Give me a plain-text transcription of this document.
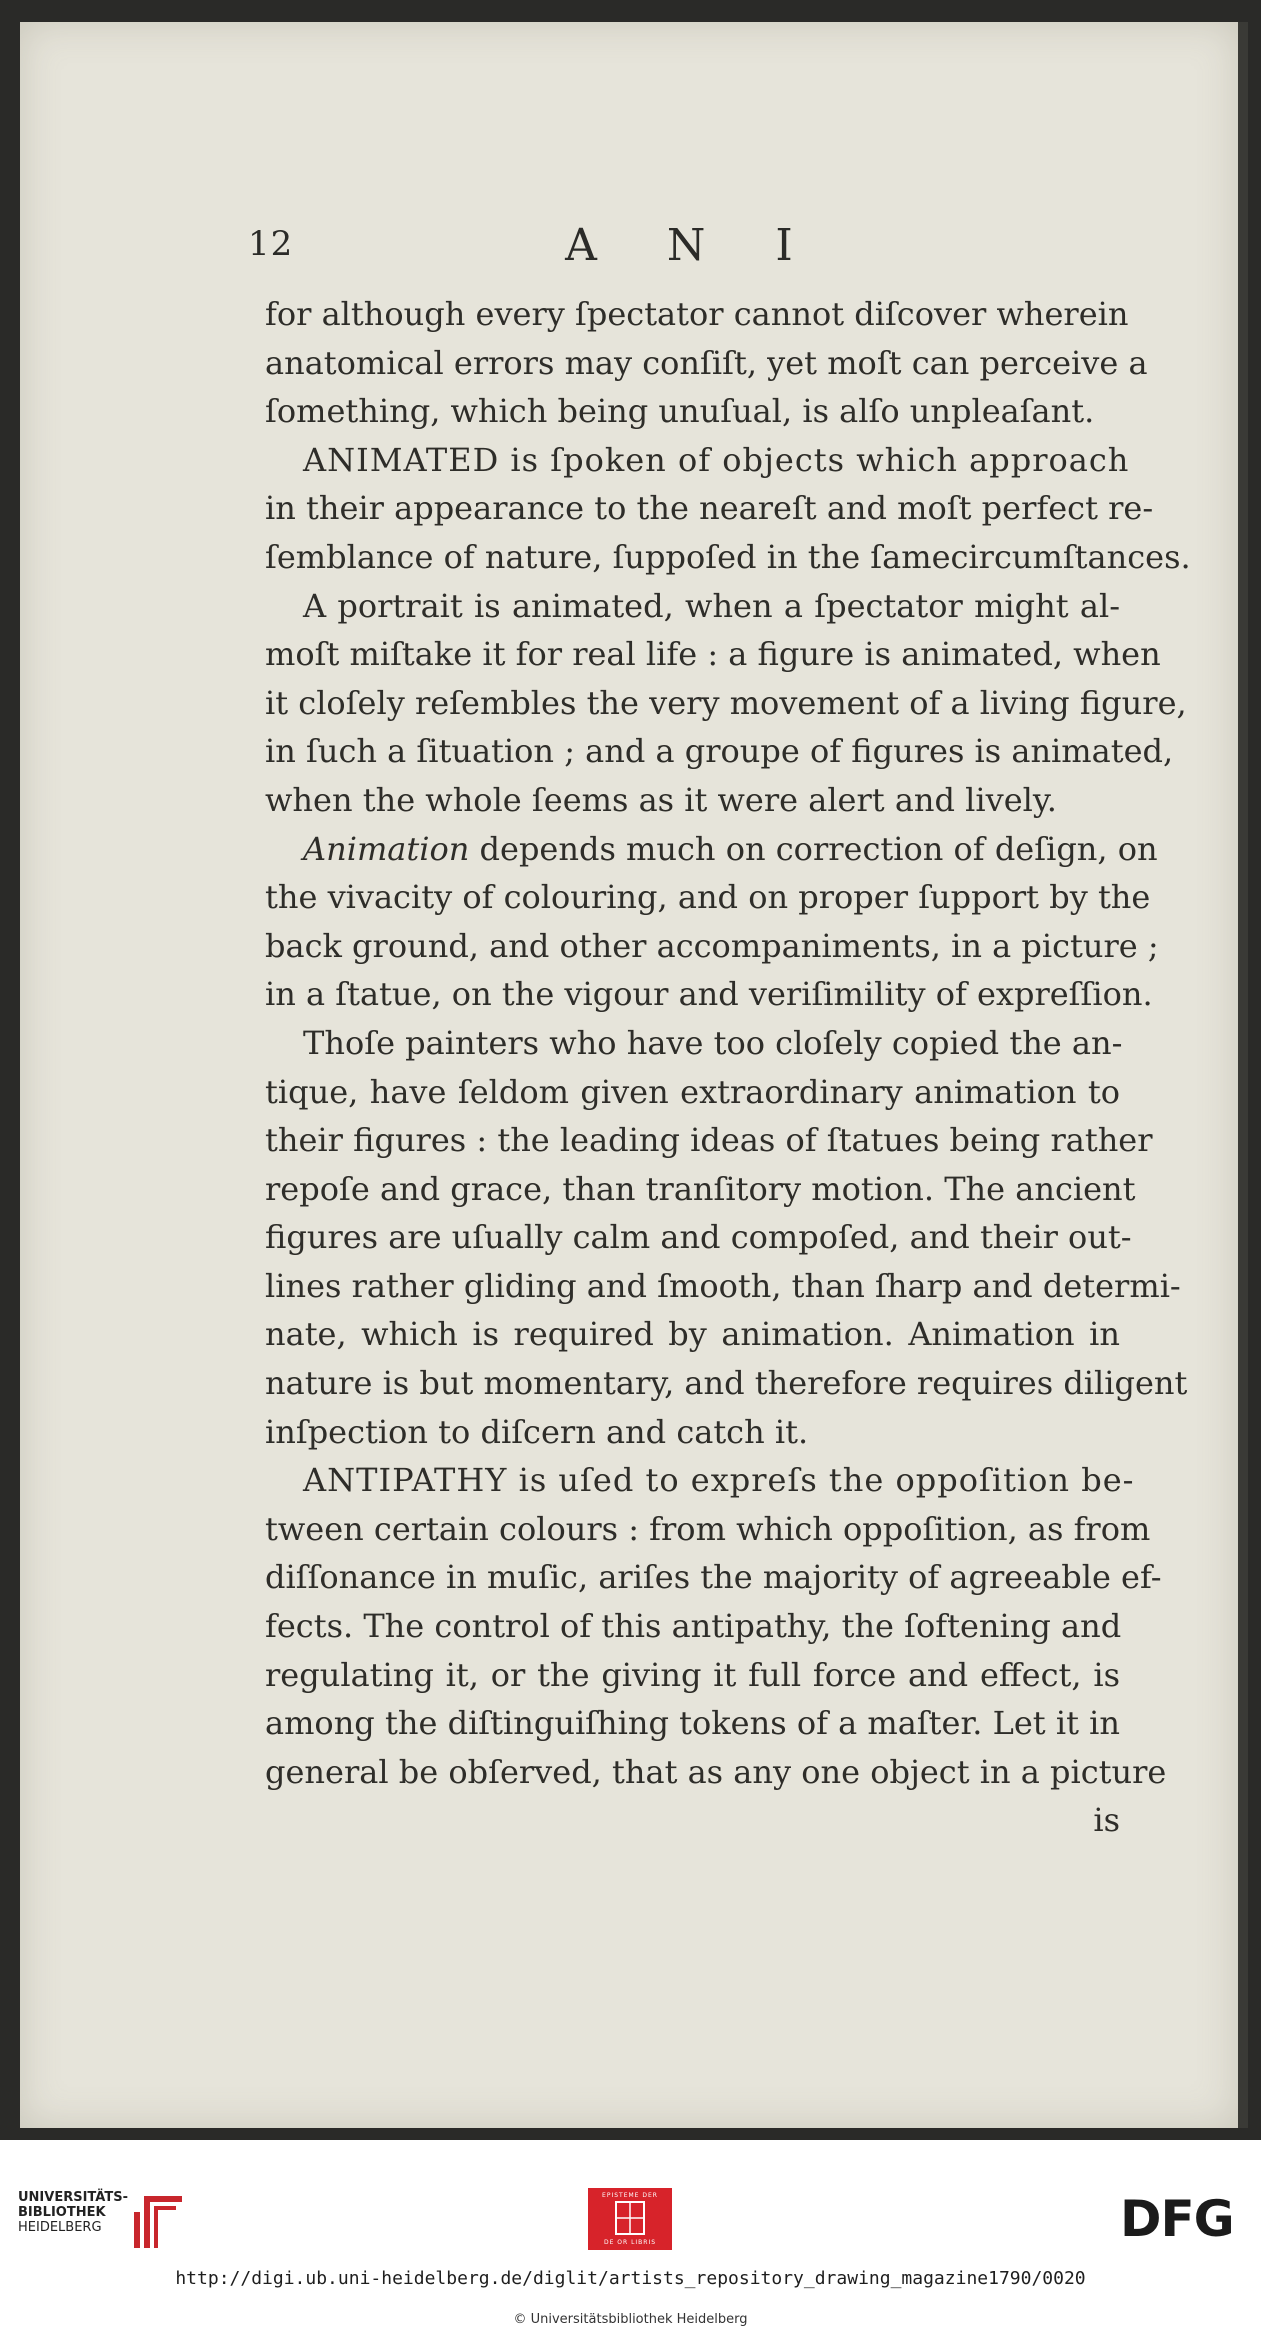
12	A N I
for although every ſpectator cannot diſcover wherein
anatomical errors may conſiſt, yet moſt can perceive a
ſomething, which being unuſual, is alſo unpleaſant.
ANIMATED is ſpoken of objects which approach
in their appearance to the neareſt and moſt perfect re-
ſemblance of nature, ſuppoſed in the ſamecircumſtances.
A portrait is animated, when a ſpectator might al-
moſt miſtake it for real life : a figure is animated, when
it cloſely reſembles the very movement of a living figure,
in ſuch a ſituation ; and a groupe of figures is animated,
when the whole ſeems as it were alert and lively.
Animation depends much on correction of deſign, on
the vivacity of colouring, and on proper ſupport by the
back ground, and other accompaniments, in a picture ;
in a ſtatue, on the vigour and veriſimility of expreſſion.
Thoſe painters who have too cloſely copied the an-
tique, have ſeldom given extraordinary animation to
their figures : the leading ideas of ſtatues being rather
repoſe and grace, than tranſitory motion. The ancient
figures are uſually calm and compoſed, and their out-
lines rather gliding and ſmooth, than ſharp and determi-
nate, which is required by animation. Animation in
nature is but momentary, and therefore requires diligent
inſpection to diſcern and catch it.
ANTIPATHY is uſed to expreſs the oppoſition be-
tween certain colours : from which oppoſition, as from
diſſonance in muſic, ariſes the majority of agreeable ef-
fects. The control of this antipathy, the ſoftening and
regulating it, or the giving it full force and effect, is
among the diſtinguiſhing tokens of a maſter. Let it in
general be obſerved, that as any one object in a picture
is
UNIVERSITÄTS-
BIBLIOTHEK
HEIDELBERG
EPISTEME DER
DE OR LIBRIS	DFG
http://digi.ub.uni-heidelberg.de/diglit/artists_repository_drawing_magazine1790/0020
© Universitätsbibliothek Heidelberg
